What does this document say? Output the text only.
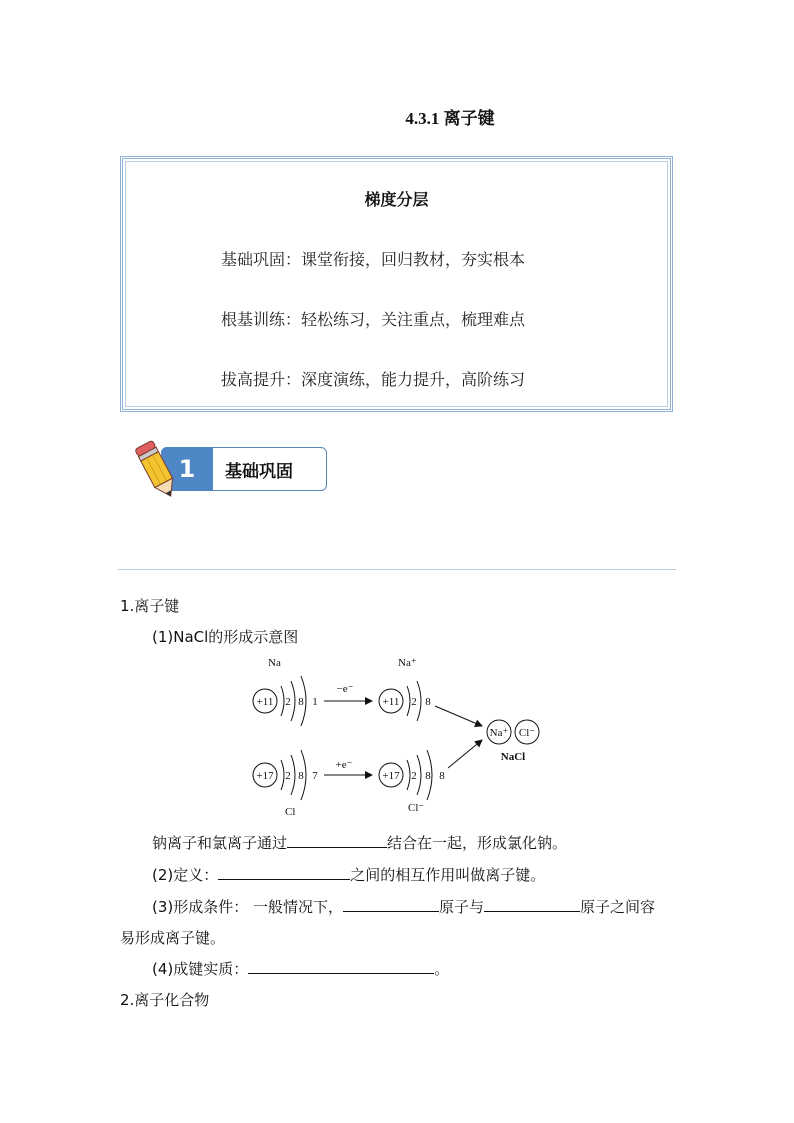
4.3.1 离子键
梯度分层
基础巩固：课堂衔接，回归教材，夯实根本
根基训练：轻松练习，关注重点，梳理难点
拔高提升：深度演练，能力提升，高阶练习
1	基础巩固
1.离子键
(1)NaCl的形成示意图
Na
+11 2 8 1
−e⁻
Na⁺
+11 2 8
+17 2 8 7
Cl
+e⁻
+17 2 8 8
Cl⁻
Na⁺ Cl⁻
NaCl
钠离子和氯离子通过	结合在一起，形成氯化钠。
(2)定义：	之间的相互作用叫做离子键。
(3)形成条件： 一般情况下，	原子与	原子之间容
易形成离子键。
(4)成键实质：	。
2.离子化合物
